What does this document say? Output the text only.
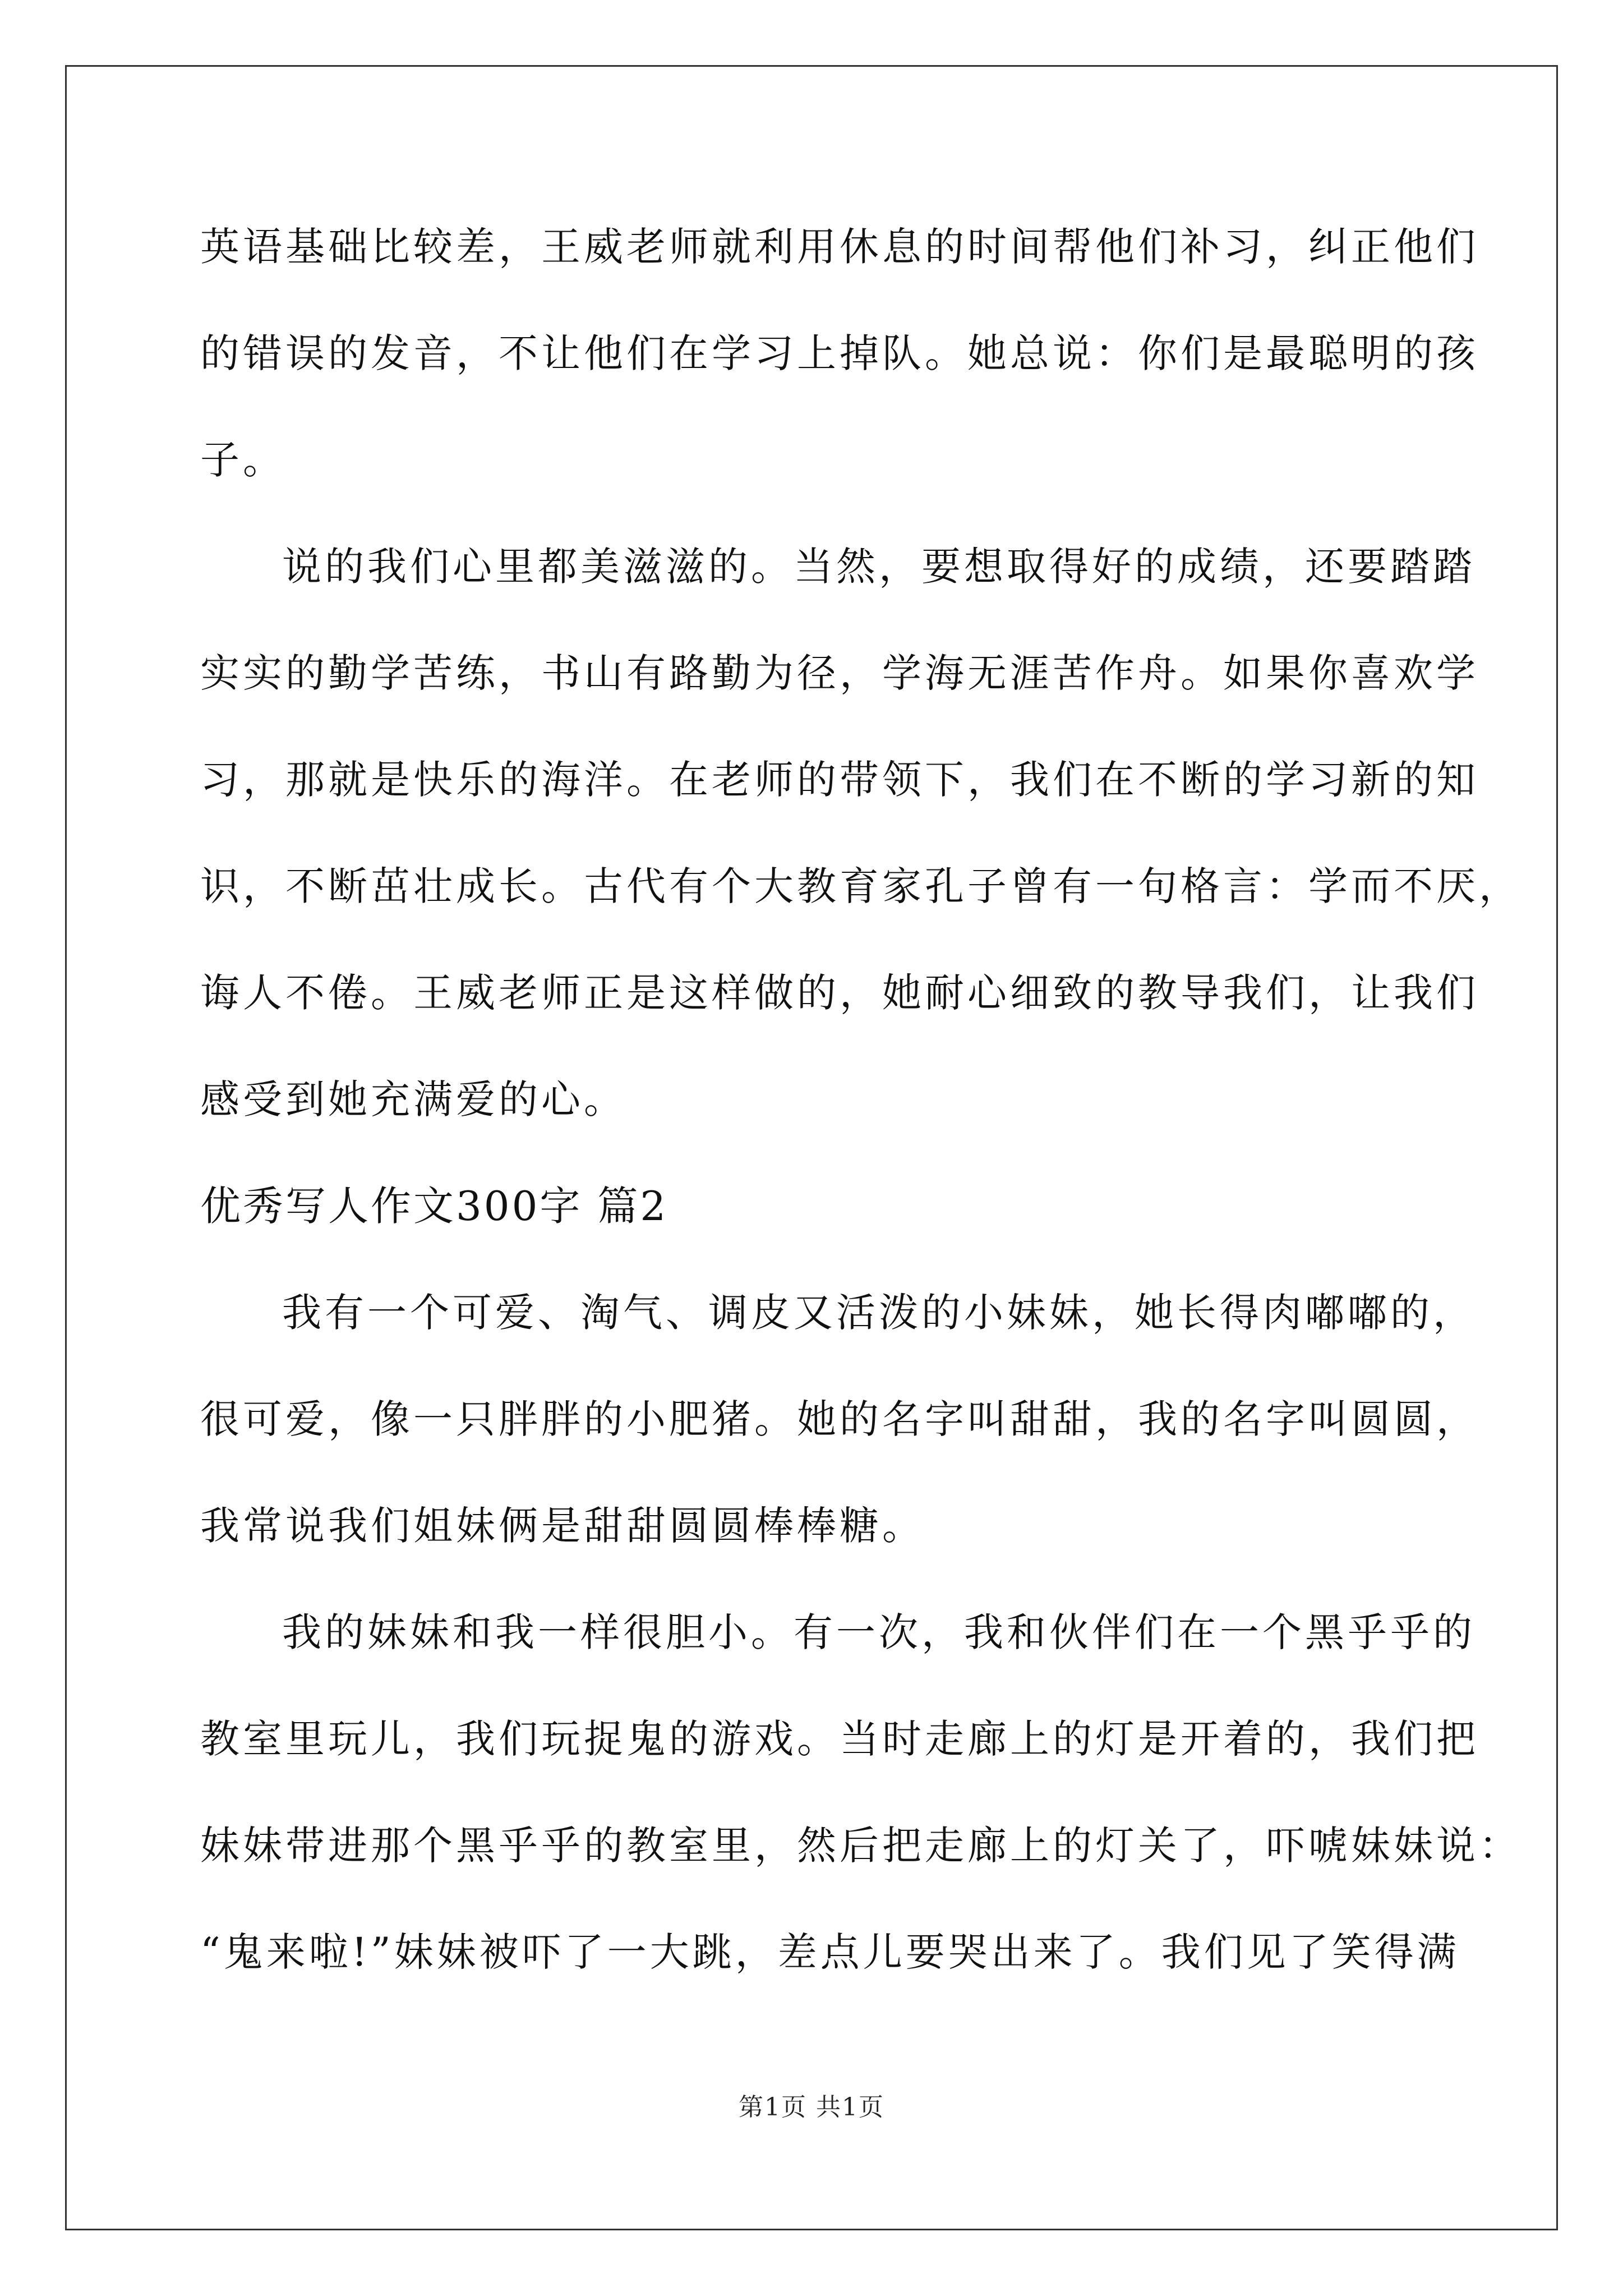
英语基础比较差，王威老师就利用休息的时间帮他们补习，纠正他们
的错误的发音，不让他们在学习上掉队。她总说：你们是最聪明的孩
子。
说的我们心里都美滋滋的。当然，要想取得好的成绩，还要踏踏
实实的勤学苦练，书山有路勤为径，学海无涯苦作舟。如果你喜欢学
习，那就是快乐的海洋。在老师的带领下，我们在不断的学习新的知
识，不断茁壮成长。古代有个大教育家孔子曾有一句格言：学而不厌，
诲人不倦。王威老师正是这样做的，她耐心细致的教导我们，让我们
感受到她充满爱的心。
优秀写人作文300字 篇2
我有一个可爱、淘气、调皮又活泼的小妹妹，她长得肉嘟嘟的，
很可爱，像一只胖胖的小肥猪。她的名字叫甜甜，我的名字叫圆圆，
我常说我们姐妹俩是甜甜圆圆棒棒糖。
我的妹妹和我一样很胆小。有一次，我和伙伴们在一个黑乎乎的
教室里玩儿，我们玩捉鬼的游戏。当时走廊上的灯是开着的，我们把
妹妹带进那个黑乎乎的教室里，然后把走廊上的灯关了，吓唬妹妹说：
“鬼来啦!”妹妹被吓了一大跳，差点儿要哭出来了。我们见了笑得满
第1页 共1页
